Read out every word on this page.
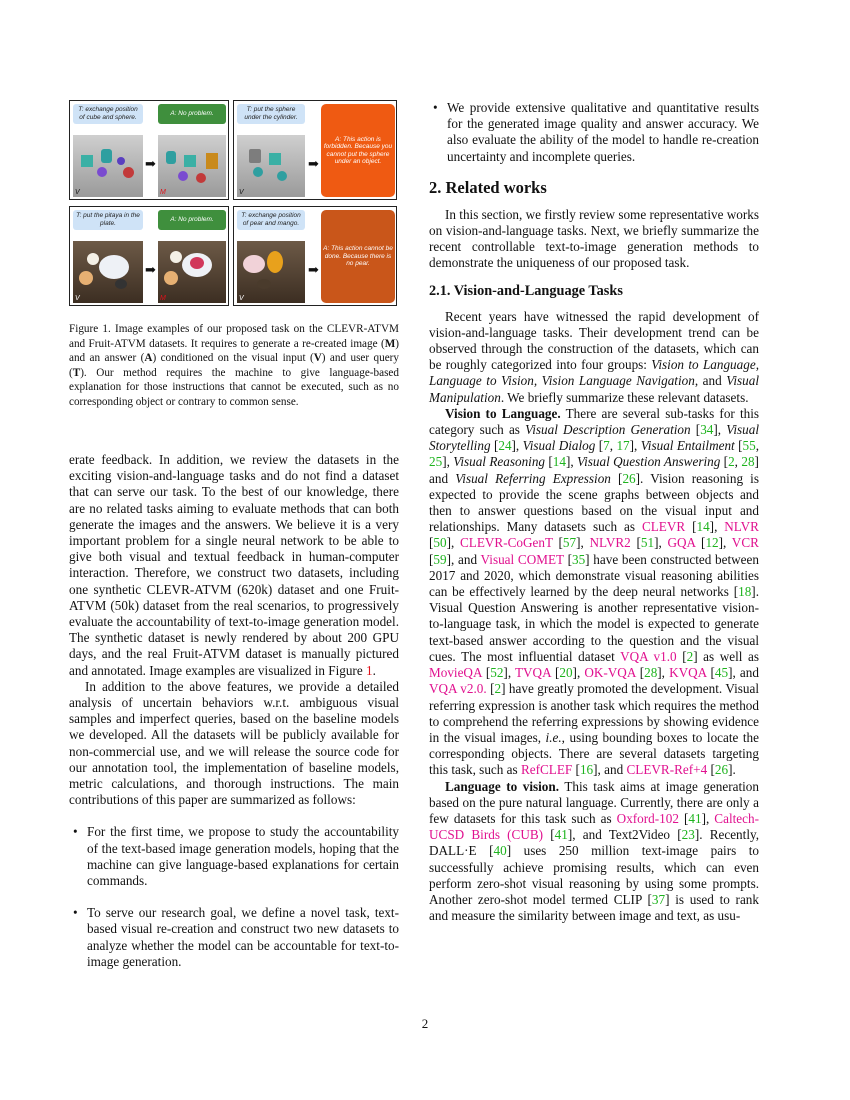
T: exchange position of cube and sphere.	A: No problem.
V
➡
M
T: put the sphere under the cylinder.
V
➡
A: This action is forbidden. Because you cannot put the sphere under an object.
T: put the pitaya in the plate.	A: No problem.
V
➡
M
T: exchange position of pear and mango.
V
➡
A: This action cannot be done. Because there is no pear.
Figure 1. Image examples of our proposed task on the CLEVR-ATVM and Fruit-ATVM datasets. It requires to generate a re-created image (M) and an answer (A) conditioned on the visual input (V) and user query (T). Our method requires the machine to give language-based explanation for those instructions that cannot be executed, such as no corresponding object or contrary to common sense.

erate feedback. In addition, we review the datasets in the exciting vision-and-language tasks and do not find a dataset that can serve our task. To the best of our knowledge, there are no related tasks aiming to evaluate methods that can both generate the images and the answers. We believe it is a very important problem for a single neural network to be able to give both visual and textual feedback in human-computer interaction. Therefore, we construct two datasets, including one synthetic CLEVR-ATVM (620k) dataset and one Fruit-ATVM (50k) dataset from the real scenarios, to progressively evaluate the accountability of text-to-image generation model. The synthetic dataset is newly rendered by about 200 GPU days, and the real Fruit-ATVM dataset is manually pictured and annotated. Image examples are visualized in Figure 1.

In addition to the above features, we provide a detailed analysis of uncertain behaviors w.r.t. ambiguous visual samples and imperfect queries, based on the baseline models we developed. All the datasets will be publicly available for non-commercial use, and we will release the source code for our annotation tool, the implementation of baseline models, metric calculations, and thorough instructions. The main contributions of this paper are summarized as follows:

• For the first time, we propose to study the accountability of the text-based image generation models, hoping that the machine can give language-based explanations for certain commands.
• To serve our research goal, we define a novel task, text-based visual re-creation and construct two new datasets to analyze whether the model can be accountable for text-to-image generation.
• We provide extensive qualitative and quantitative results for the generated image quality and answer accuracy. We also evaluate the ability of the model to handle re-creation uncertainty and incomplete queries.
2. Related works

In this section, we firstly review some representative works on vision-and-language tasks. Next, we briefly summarize the recent controllable text-to-image generation methods to demonstrate the uniqueness of our proposed task.

2.1. Vision-and-Language Tasks

Recent years have witnessed the rapid development of vision-and-language tasks. Their development trend can be observed through the construction of the datasets, which can be roughly categorized into four groups: Vision to Language, Language to Vision, Vision Language Navigation, and Visual Manipulation. We briefly summarize these relevant datasets.

Vision to Language. There are several sub-tasks for this category such as Visual Description Generation [34], Visual Storytelling [24], Visual Dialog [7, 17], Visual Entailment [55, 25], Visual Reasoning [14], Visual Question Answering [2, 28] and Visual Referring Expression [26]. Vision reasoning is expected to provide the scene graphs between objects and then to answer questions based on the visual input and relationships. Many datasets such as CLEVR [14], NLVR [50], CLEVR-CoGenT [57], NLVR2 [51], GQA [12], VCR [59], and Visual COMET [35] have been constructed between 2017 and 2020, which demonstrate visual reasoning abilities can be effectively learned by the deep neural networks [18]. Visual Question Answering is another representative vision-to-language task, in which the model is expected to generate text-based answer according to the question and the visual cues. The most influential dataset VQA v1.0 [2] as well as MovieQA [52], TVQA [20], OK-VQA [28], KVQA [45], and VQA v2.0. [2] have greatly promoted the development. Visual referring expression is another task which requires the method to comprehend the referring expressions by showing evidence in the visual images, i.e., using bounding boxes to locate the corresponding objects. There are several datasets targeting this task, such as RefCLEF [16], and CLEVR-Ref+4 [26].

Language to vision. This task aims at image generation based on the pure natural language. Currently, there are only a few datasets for this task such as Oxford-102 [41], Caltech-UCSD Birds (CUB) [41], and Text2Video [23]. Recently, DALL·E [40] uses 250 million text-image pairs to successfully achieve promising results, which can even perform zero-shot visual reasoning by using some prompts. Another zero-shot model termed CLIP [37] is used to rank and measure the similarity between image and text, as usu-

2
